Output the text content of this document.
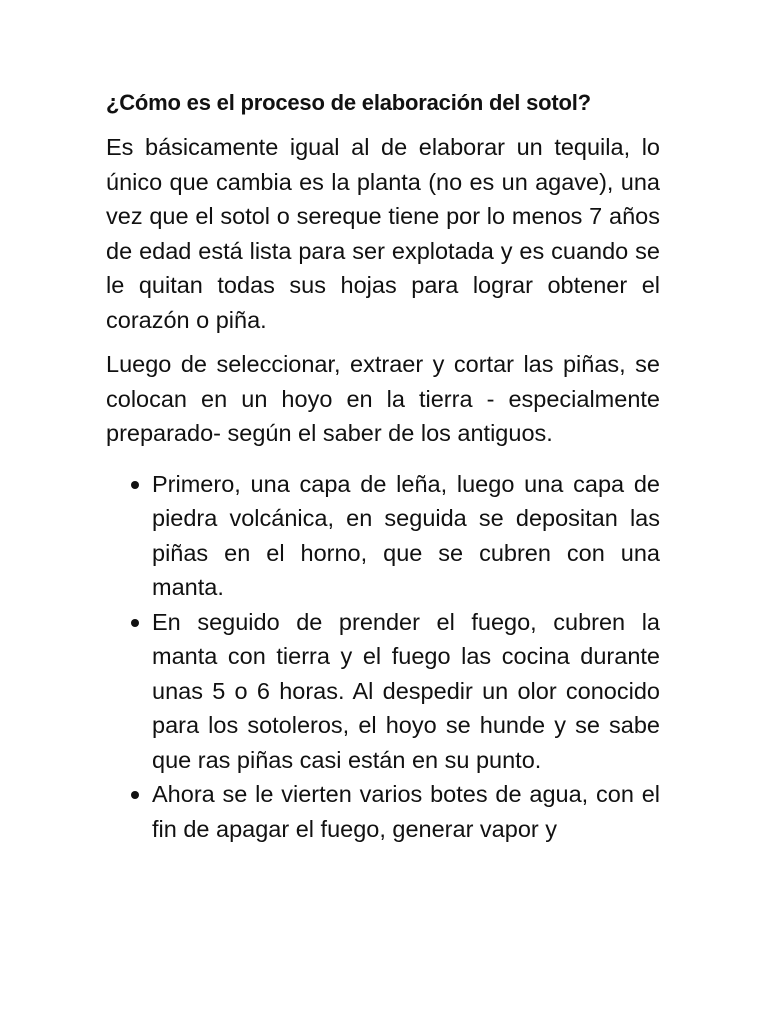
¿Cómo es el proceso de elaboración del sotol?

Es básicamente igual al de elaborar un tequila, lo único que cambia es la planta (no es un agave), una vez que el sotol o sereque tiene por lo menos 7 años de edad está lista para ser explotada y es cuando se le quitan todas sus hojas para lograr obtener el corazón o piña.

Luego de seleccionar, extraer y cortar las piñas, se colocan en un hoyo en la tierra - especialmente preparado- según el saber de los antiguos.

Primero, una capa de leña, luego una capa de piedra volcánica, en seguida se depositan las piñas en el horno, que se cubren con una manta.
En seguido de prender el fuego, cubren la manta con tierra y el fuego las cocina durante unas 5 o 6 horas. Al despedir un olor conocido para los sotoleros, el hoyo se hunde y se sabe que ras piñas casi están en su punto.
Ahora se le vierten varios botes de agua, con el fin de apagar el fuego, generar vapor y
